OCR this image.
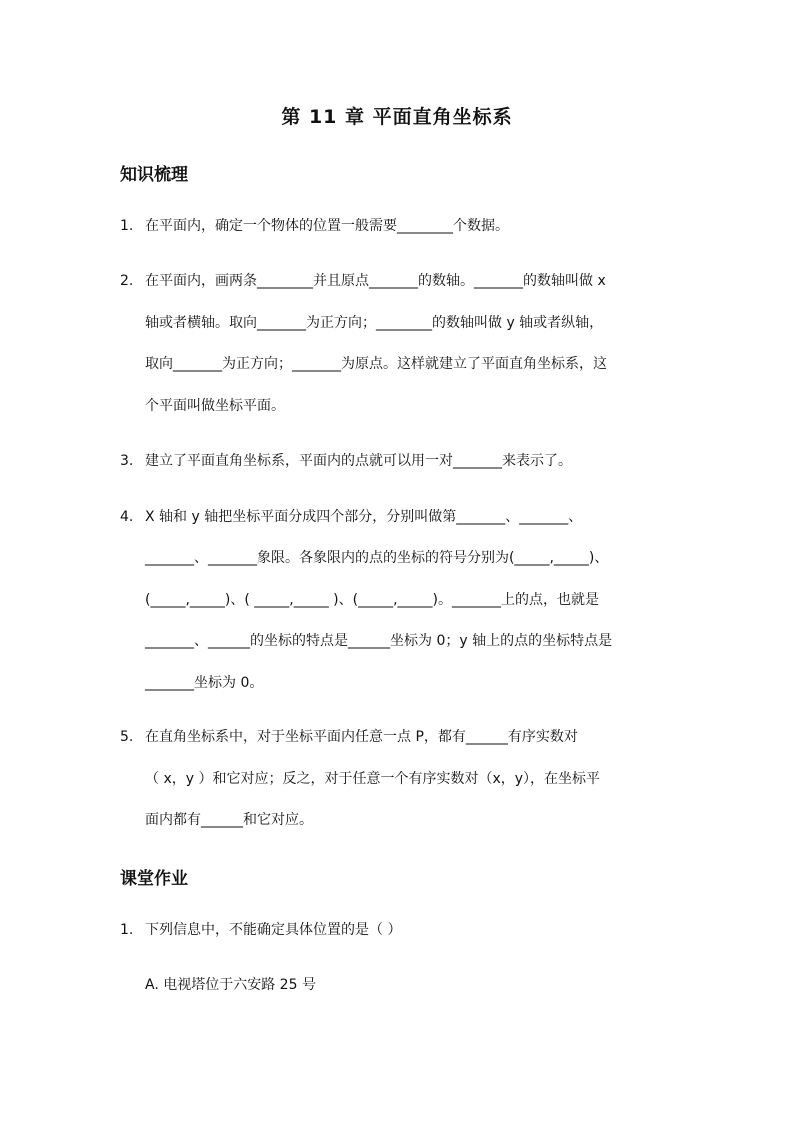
第 11 章 平面直角坐标系
知识梳理
1. 在平面内，确定一个物体的位置一般需要________个数据。
2. 在平面内，画两条________并且原点_______的数轴。_______的数轴叫做 x
轴或者横轴。取向_______为正方向；________的数轴叫做 y 轴或者纵轴，
取向_______为正方向；_______为原点。这样就建立了平面直角坐标系，这
个平面叫做坐标平面。
3. 建立了平面直角坐标系，平面内的点就可以用一对_______来表示了。
4. X 轴和 y 轴把坐标平面分成四个部分，分别叫做第_______、_______、
_______、_______象限。各象限内的点的坐标的符号分别为(_____,_____)、
(_____,_____)、( _____,_____ )、(_____,_____)。_______上的点，也就是
_______、______的坐标的特点是______坐标为 0；y 轴上的点的坐标特点是
_______坐标为 0。
5. 在直角坐标系中，对于坐标平面内任意一点 P，都有______有序实数对
（ x，y ）和它对应；反之，对于任意一个有序实数对（x，y），在坐标平
面内都有______和它对应。
课堂作业
1. 下列信息中，不能确定具体位置的是（ ）
A. 电视塔位于六安路 25 号
